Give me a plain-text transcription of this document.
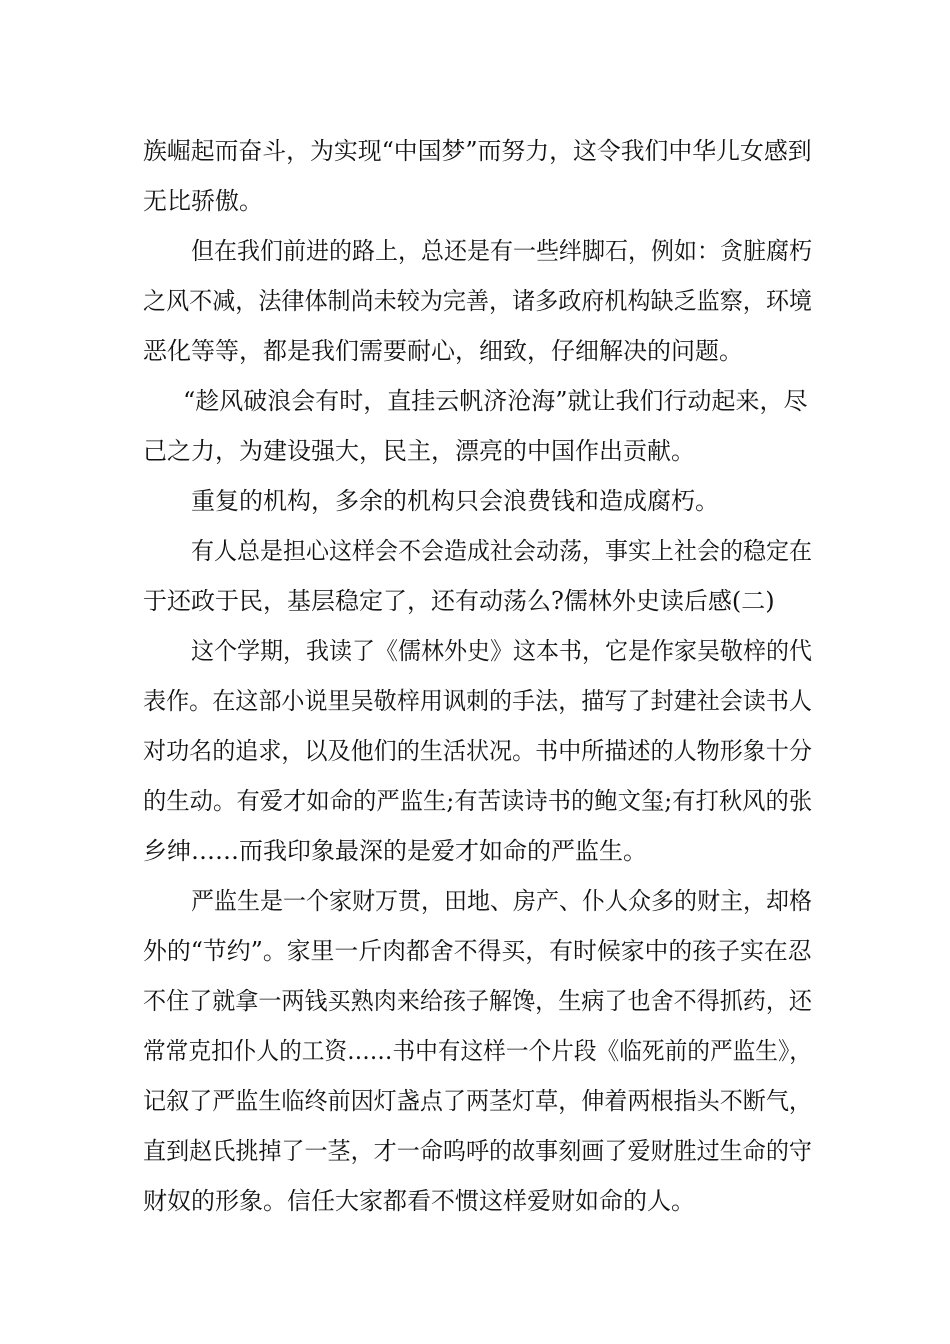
族崛起而奋斗，为实现“中国梦”而努力，这令我们中华儿女感到

无比骄傲。

但在我们前进的路上，总还是有一些绊脚石，例如：贪脏腐朽

之风不减，法律体制尚未较为完善，诸多政府机构缺乏监察，环境

恶化等等，都是我们需要耐心，细致，仔细解决的问题。

“趁风破浪会有时，直挂云帆济沧海”就让我们行动起来，尽

己之力，为建设强大，民主，漂亮的中国作出贡献。

重复的机构，多余的机构只会浪费钱和造成腐朽。

有人总是担心这样会不会造成社会动荡，事实上社会的稳定在

于还政于民，基层稳定了，还有动荡么?儒林外史读后感(二)

这个学期，我读了《儒林外史》这本书，它是作家吴敬梓的代

表作。在这部小说里吴敬梓用讽刺的手法，描写了封建社会读书人

对功名的追求，以及他们的生活状况。书中所描述的人物形象十分

的生动。有爱才如命的严监生;有苦读诗书的鲍文玺;有打秋风的张

乡绅……而我印象最深的是爱才如命的严监生。

严监生是一个家财万贯，田地、房产、仆人众多的财主，却格

外的“节约”。家里一斤肉都舍不得买，有时候家中的孩子实在忍

不住了就拿一两钱买熟肉来给孩子解馋，生病了也舍不得抓药，还

常常克扣仆人的工资……书中有这样一个片段《临死前的严监生》，

记叙了严监生临终前因灯盏点了两茎灯草，伸着两根指头不断气，

直到赵氏挑掉了一茎，才一命呜呼的故事刻画了爱财胜过生命的守

财奴的形象。信任大家都看不惯这样爱财如命的人。
